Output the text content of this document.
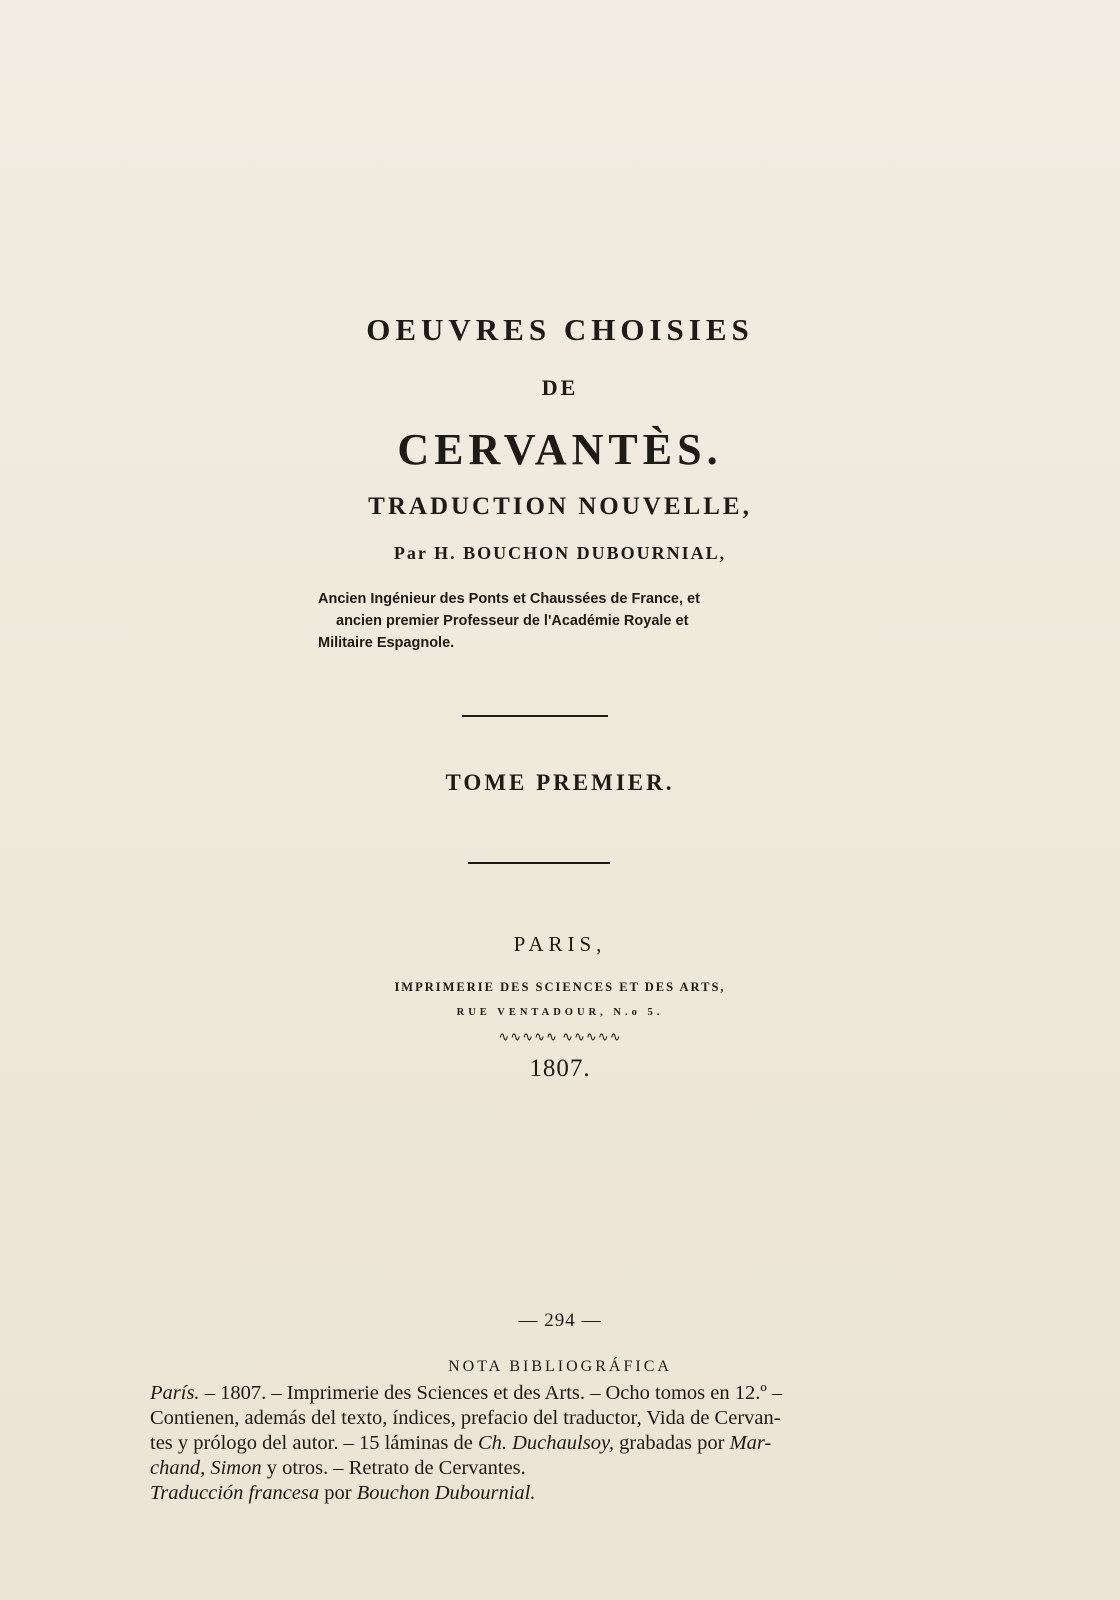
OEUVRES CHOISIES
DE
CERVANTÈS.
TRADUCTION NOUVELLE,
Par H. BOUCHON DUBOURNIAL,
Ancien Ingénieur des Ponts et Chaussées de France, et
ancien premier Professeur de l'Académie Royale et
Militaire Espagnole.
TOME PREMIER.
PARIS,
IMPRIMERIE DES SCIENCES ET DES ARTS,
RUE VENTADOUR, N.o 5.
∿∿∿∿∿ ∿∿∿∿∿
1807.
— 294 —
NOTA BIBLIOGRÁFICA
París. – 1807. – Imprimerie des Sciences et des Arts. – Ocho tomos en 12.º –
Contienen, además del texto, índices, prefacio del traductor, Vida de Cervan-
tes y prólogo del autor. – 15 láminas de Ch. Duchaulsoy, grabadas por Mar-
chand, Simon y otros. – Retrato de Cervantes.
Traducción francesa por Bouchon Dubournial.
